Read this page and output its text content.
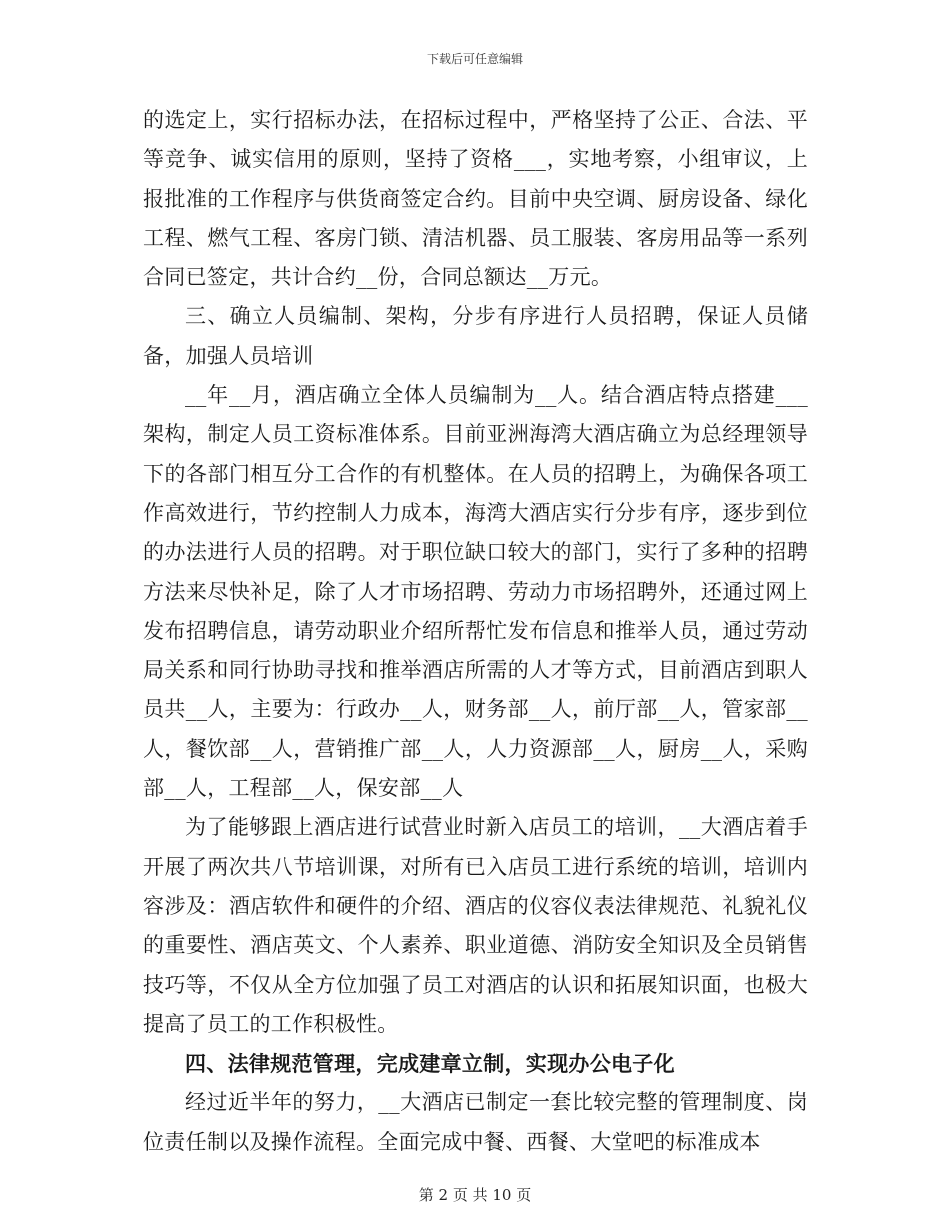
下载后可任意编辑

的选定上，实行招标办法，在招标过程中，严格坚持了公正、合法、平等竞争、诚实信用的原则，坚持了资格___，实地考察，小组审议，上报批准的工作程序与供货商签定合约。目前中央空调、厨房设备、绿化工程、燃气工程、客房门锁、清洁机器、员工服装、客房用品等一系列合同已签定，共计合约__份，合同总额达__万元。

三、确立人员编制、架构，分步有序进行人员招聘，保证人员储备，加强人员培训

__年__月，酒店确立全体人员编制为__人。结合酒店特点搭建___架构，制定人员工资标准体系。目前亚洲海湾大酒店确立为总经理领导下的各部门相互分工合作的有机整体。在人员的招聘上，为确保各项工作高效进行，节约控制人力成本，海湾大酒店实行分步有序，逐步到位的办法进行人员的招聘。对于职位缺口较大的部门，实行了多种的招聘方法来尽快补足，除了人才市场招聘、劳动力市场招聘外，还通过网上发布招聘信息，请劳动职业介绍所帮忙发布信息和推举人员，通过劳动局关系和同行协助寻找和推举酒店所需的人才等方式，目前酒店到职人员共__人，主要为：行政办__人，财务部__人，前厅部__人，管家部__人，餐饮部__人，营销推广部__人，人力资源部__人，厨房__人，采购部__人，工程部__人，保安部__人

为了能够跟上酒店进行试营业时新入店员工的培训，__大酒店着手开展了两次共八节培训课，对所有已入店员工进行系统的培训，培训内容涉及：酒店软件和硬件的介绍、酒店的仪容仪表法律规范、礼貌礼仪的重要性、酒店英文、个人素养、职业道德、消防安全知识及全员销售技巧等，不仅从全方位加强了员工对酒店的认识和拓展知识面，也极大提高了员工的工作积极性。

四、法律规范管理，完成建章立制，实现办公电子化

经过近半年的努力，__大酒店已制定一套比较完整的管理制度、岗位责任制以及操作流程。全面完成中餐、西餐、大堂吧的标准成本

第 2 页 共 10 页
